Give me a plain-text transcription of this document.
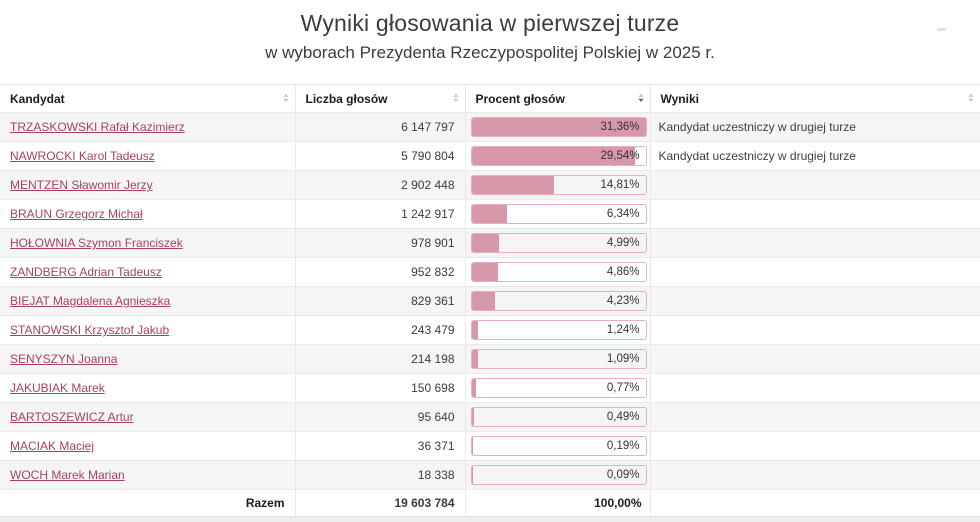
Wyniki głosowania w pierwszej turze
w wyborach Prezydenta Rzeczypospolitej Polskiej w 2025 r.
Kandydat ▲
▼	Liczba głosów ▲
▼	Procent głosów ▲
▼	Wyniki ▲
▼

TRZASKOWSKI Rafał Kazimierz	6 147 797	31,36%	Kandydat uczestniczy w drugiej turze
NAWROCKI Karol Tadeusz	5 790 804	29,54%	Kandydat uczestniczy w drugiej turze
MENTZEN Sławomir Jerzy	2 902 448	14,81%	

BRAUN Grzegorz Michał	1 242 917	6,34%	

HOŁOWNIA Szymon Franciszek	978 901	4,99%	

ZANDBERG Adrian Tadeusz	952 832	4,86%	

BIEJAT Magdalena Agnieszka	829 361	4,23%	

STANOWSKI Krzysztof Jakub	243 479	1,24%	

SENYSZYN Joanna	214 198	1,09%	

JAKUBIAK Marek	150 698	0,77%	

BARTOSZEWICZ Artur	95 640	0,49%	

MACIAK Maciej	36 371	0,19%	

WOCH Marek Marian	18 338	0,09%	

Razem	19 603 784	100,00%	
